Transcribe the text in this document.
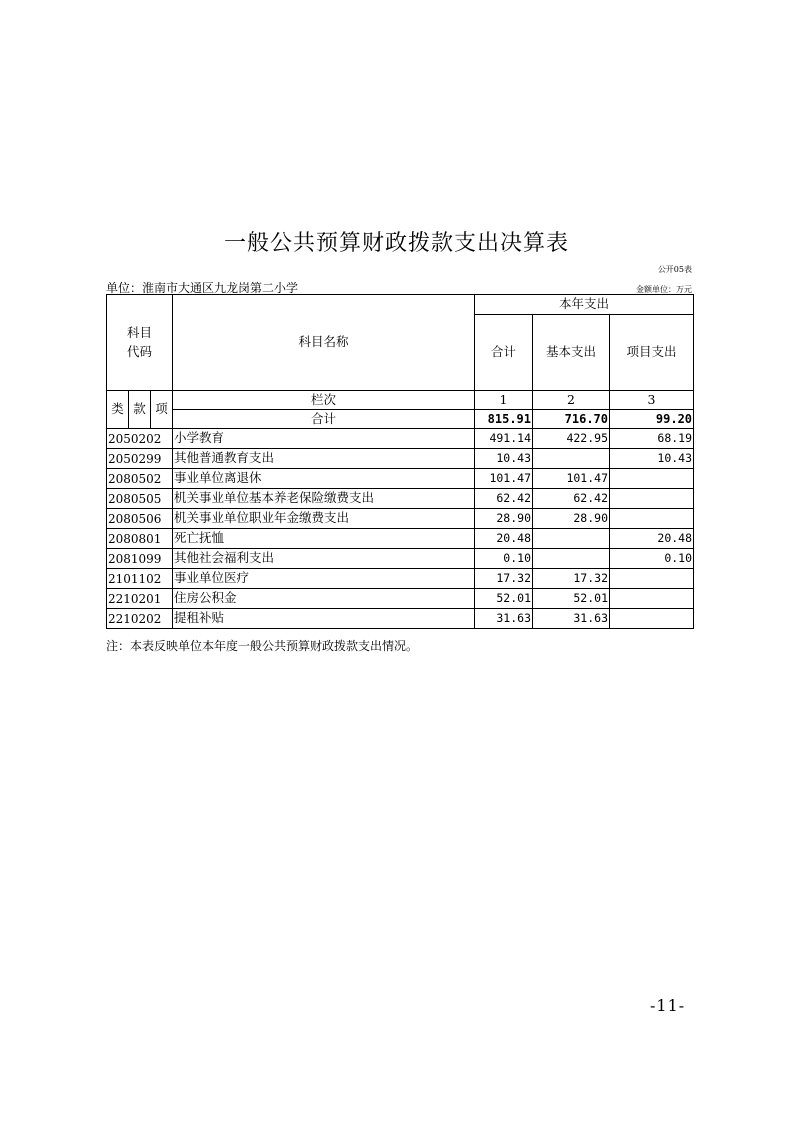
一般公共预算财政拨款支出决算表
公开05表
单位：淮南市大通区九龙岗第二小学	金额单位：万元
科目
代码			科目名称	本年支出		
				合计	基本支出	项目支出
类	款	项	栏次	1	2	3
			合计	815.91	716.70	99.20
2050202			小学教育	491.14	422.95	68.19
2050299			其他普通教育支出	10.43		10.43
2080502			事业单位离退休	101.47	101.47	
2080505			机关事业单位基本养老保险缴费支出	62.42	62.42	
2080506			机关事业单位职业年金缴费支出	28.90	28.90	
2080801			死亡抚恤	20.48		20.48
2081099			其他社会福利支出	0.10		0.10
2101102			事业单位医疗	17.32	17.32	
2210201			住房公积金	52.01	52.01	
2210202			提租补贴	31.63	31.63	
注：本表反映单位本年度一般公共预算财政拨款支出情况。
-11-
